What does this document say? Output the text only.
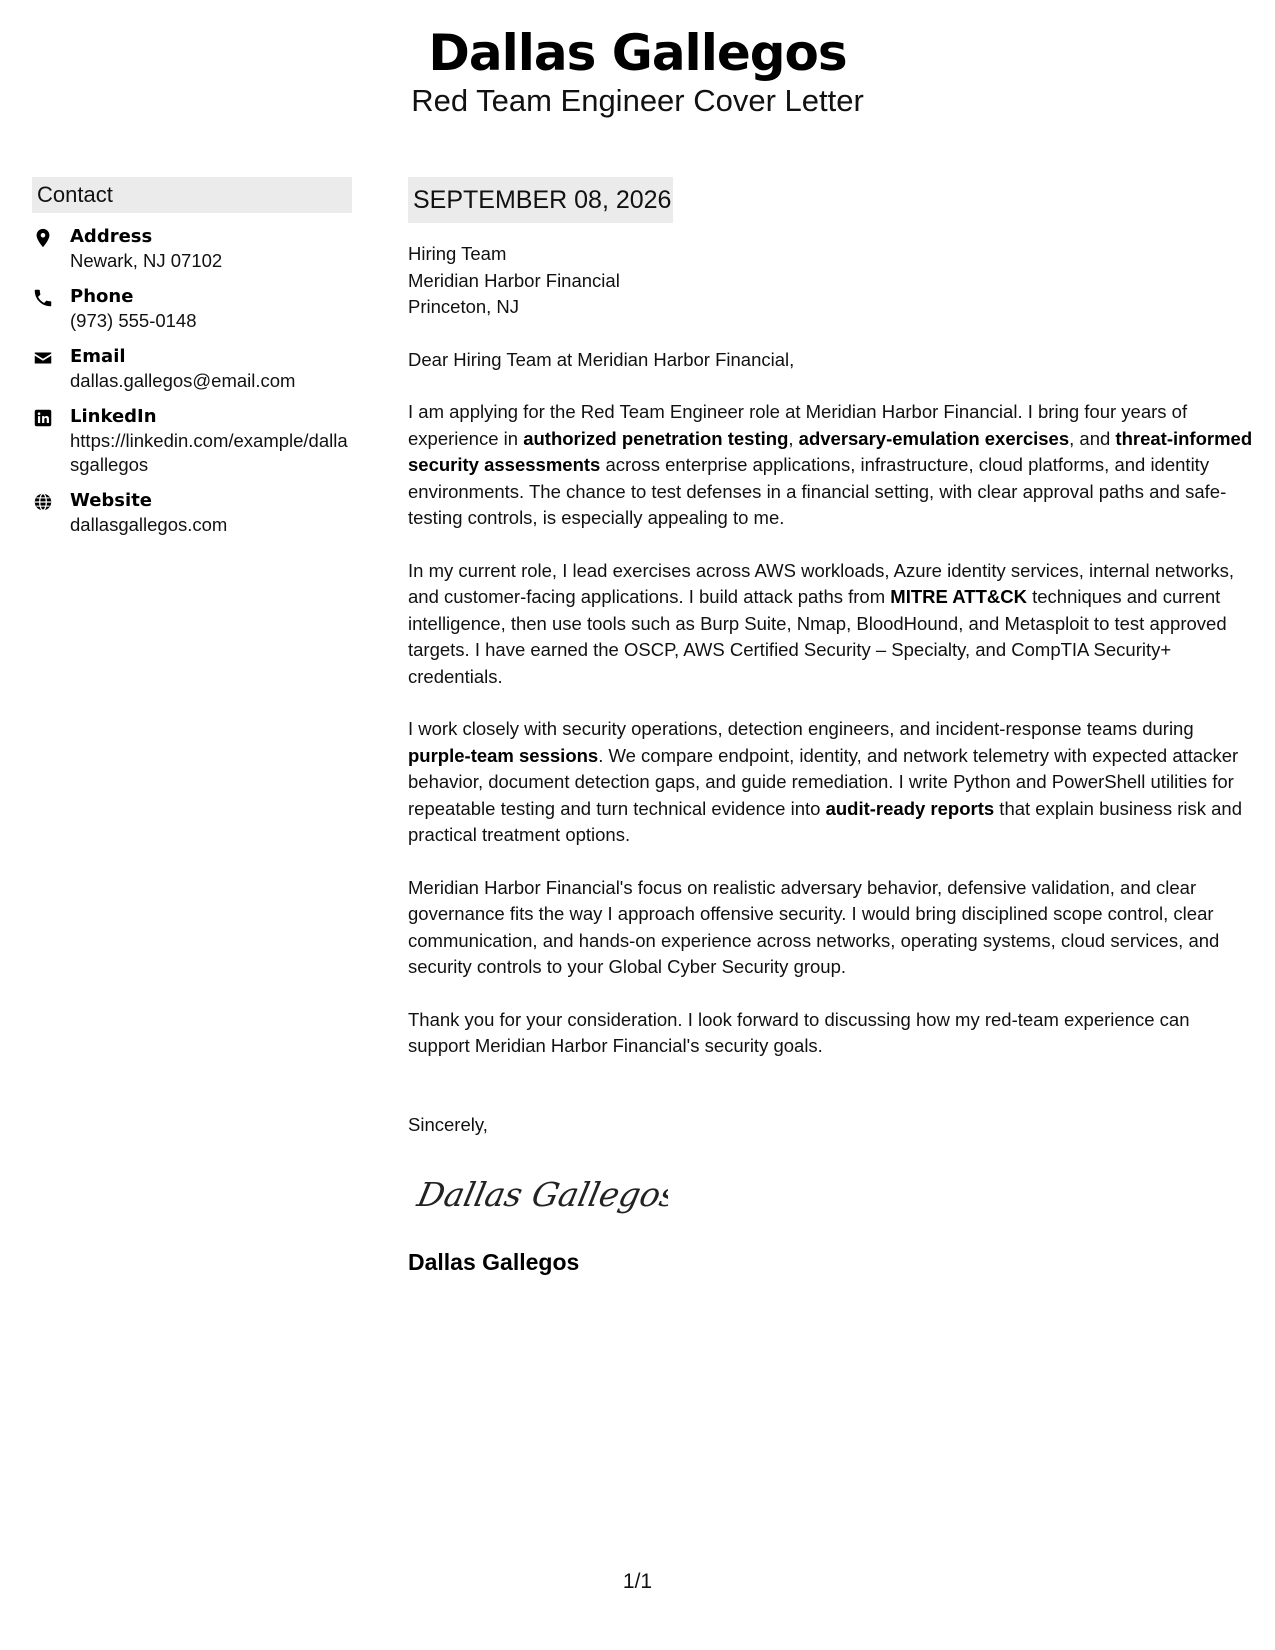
Dallas Gallegos
Red Team Engineer Cover Letter
Contact
Address
Newark, NJ 07102
Phone
(973) 555-0148
Email
dallas.gallegos@email.com
LinkedIn
https://linkedin.com/example/dallasgallegos
Website
dallasgallegos.com
SEPTEMBER 08, 2026
Hiring Team
Meridian Harbor Financial
Princeton, NJ

Dear Hiring Team at Meridian Harbor Financial,

I am applying for the Red Team Engineer role at Meridian Harbor Financial. I bring four years of experience in authorized penetration testing, adversary-emulation exercises, and threat-informed security assessments across enterprise applications, infrastructure, cloud platforms, and identity environments. The chance to test defenses in a financial setting, with clear approval paths and safe-testing controls, is especially appealing to me.

In my current role, I lead exercises across AWS workloads, Azure identity services, internal networks, and customer-facing applications. I build attack paths from MITRE ATT&CK techniques and current intelligence, then use tools such as Burp Suite, Nmap, BloodHound, and Metasploit to test approved targets. I have earned the OSCP, AWS Certified Security – Specialty, and CompTIA Security+ credentials.

I work closely with security operations, detection engineers, and incident-response teams during purple-team sessions. We compare endpoint, identity, and network telemetry with expected attacker behavior, document detection gaps, and guide remediation. I write Python and PowerShell utilities for repeatable testing and turn technical evidence into audit-ready reports that explain business risk and practical treatment options.

Meridian Harbor Financial's focus on realistic adversary behavior, defensive validation, and clear governance fits the way I approach offensive security. I would bring disciplined scope control, clear communication, and hands-on experience across networks, operating systems, cloud services, and security controls to your Global Cyber Security group.

Thank you for your consideration. I look forward to discussing how my red-team experience can support Meridian Harbor Financial's security goals.

Sincerely,
Dallas Gallegos
Dallas Gallegos
1/1
